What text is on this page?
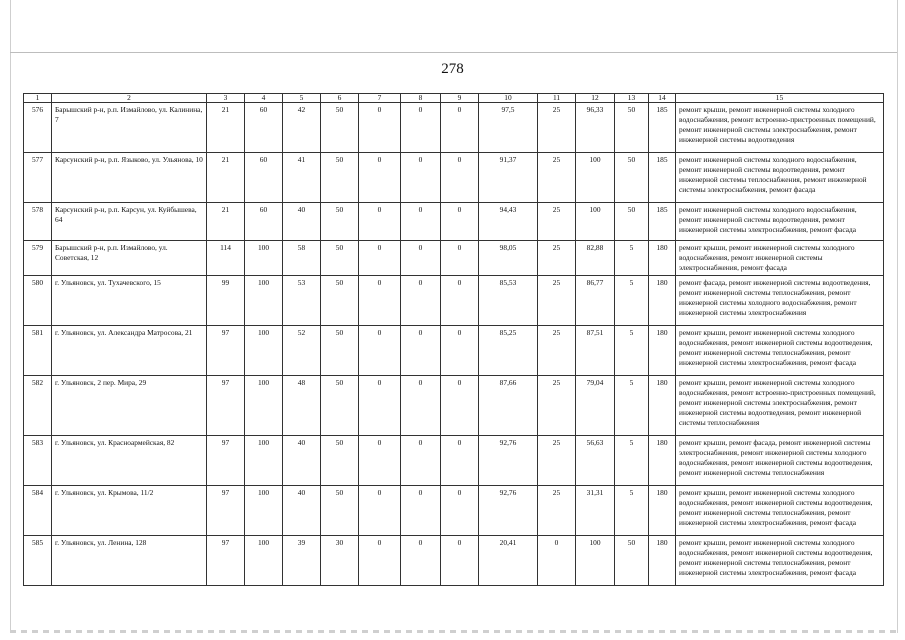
278
1	2	3	4	5	6	7	8	9	10	11	12	13	14	15
576	Барышский р-н, р.п. Измайлово, ул. Калинина, 7	21	60	42	50	0	0	0	97,5	25	96,33	50	185	ремонт крыши, ремонт инженерной системы холодного водоснабжения, ремонт встроенно-пристроенных помещений, ремонт инженерной системы электроснабжения, ремонт инженерной системы водоотведения
577	Карсунский р-н, р.п. Языково, ул. Ульянова, 10	21	60	41	50	0	0	0	91,37	25	100	50	185	ремонт инженерной системы холодного водоснабжения, ремонт инженерной системы водоотведения, ремонт инженерной системы теплоснабжения, ремонт инженерной системы электроснабжения, ремонт фасада
578	Карсунский р-н, р.п. Карсун, ул. Куйбышева, 64	21	60	40	50	0	0	0	94,43	25	100	50	185	ремонт инженерной системы холодного водоснабжения, ремонт инженерной системы водоотведения, ремонт инженерной системы электроснабжения, ремонт фасада
579	Барышский р-н, р.п. Измайлово, ул. Советская, 12	114	100	58	50	0	0	0	98,05	25	82,88	5	180	ремонт крыши, ремонт инженерной системы холодного водоснабжения, ремонт инженерной системы электроснабжения, ремонт фасада
580	г. Ульяновск, ул. Тухачевского, 15	99	100	53	50	0	0	0	85,53	25	86,77	5	180	ремонт фасада, ремонт инженерной системы водоотведения, ремонт инженерной системы теплоснабжения, ремонт инженерной системы холодного водоснабжения, ремонт инженерной системы электроснабжения
581	г. Ульяновск, ул. Александра Матросова, 21	97	100	52	50	0	0	0	85,25	25	87,51	5	180	ремонт крыши, ремонт инженерной системы холодного водоснабжения, ремонт инженерной системы водоотведения, ремонт инженерной системы теплоснабжения, ремонт инженерной системы электроснабжения, ремонт фасада
582	г. Ульяновск, 2 пер. Мира, 29	97	100	48	50	0	0	0	87,66	25	79,04	5	180	ремонт крыши, ремонт инженерной системы холодного водоснабжения, ремонт встроенно-пристроенных помещений, ремонт инженерной системы электроснабжения, ремонт инженерной системы водоотведения, ремонт инженерной системы теплоснабжения
583	г. Ульяновск, ул. Красноармейская, 82	97	100	40	50	0	0	0	92,76	25	56,63	5	180	ремонт крыши, ремонт фасада, ремонт инженерной системы электроснабжения, ремонт инженерной системы холодного водоснабжения, ремонт инженерной системы водоотведения, ремонт инженерной системы теплоснабжения
584	г. Ульяновск, ул. Крымова, 11/2	97	100	40	50	0	0	0	92,76	25	31,31	5	180	ремонт крыши, ремонт инженерной системы холодного водоснабжения, ремонт инженерной системы водоотведения, ремонт инженерной системы теплоснабжения, ремонт инженерной системы электроснабжения, ремонт фасада
585	г. Ульяновск, ул. Ленина, 128	97	100	39	30	0	0	0	20,41	0	100	50	180	ремонт крыши, ремонт инженерной системы холодного водоснабжения, ремонт инженерной системы водоотведения, ремонт инженерной системы теплоснабжения, ремонт инженерной системы электроснабжения, ремонт фасада
